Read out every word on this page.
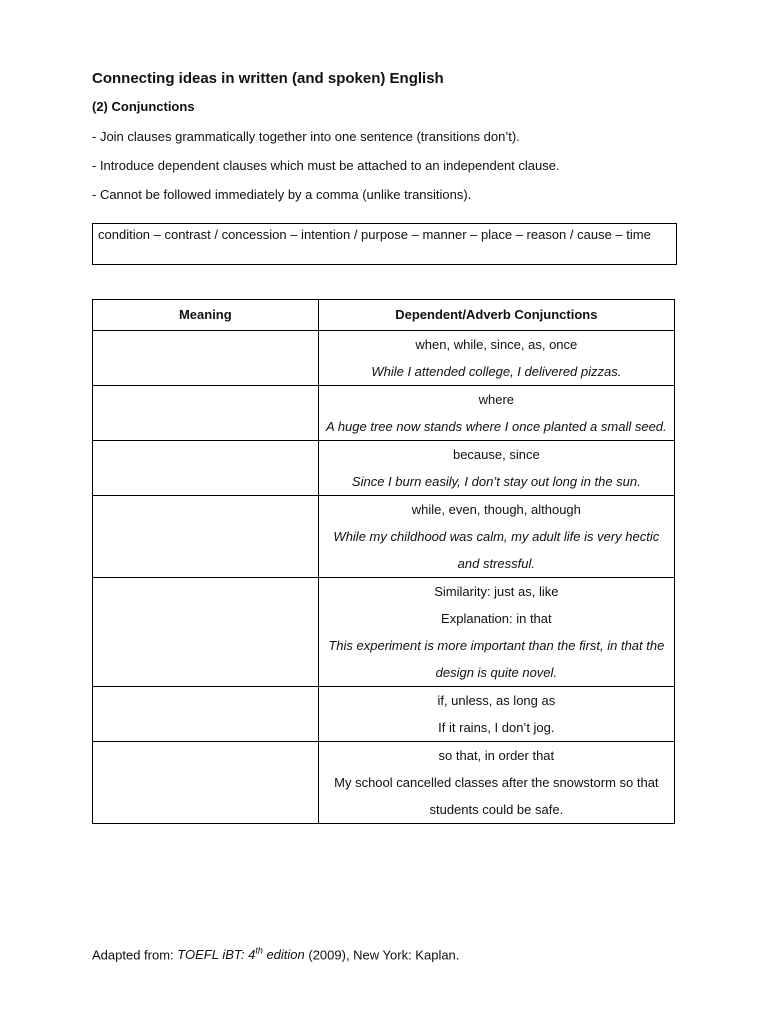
Connecting ideas in written (and spoken) English

(2) Conjunctions

- Join clauses grammatically together into one sentence (transitions don’t).

- Introduce dependent clauses which must be attached to an independent clause.

- Cannot be followed immediately by a comma (unlike transitions).

condition – contrast / concession – intention / purpose – manner – place – reason / cause – time
Meaning	Dependent/Adverb Conjunctions

	when, while, since, as, once
While I attended college, I delivered pizzas.

	where
A huge tree now stands where I once planted a small seed.

	because, since
Since I burn easily, I don’t stay out long in the sun.

	while, even, though, although
While my childhood was calm, my adult life is very hectic and stressful.

	Similarity: just as, like
Explanation: in that
This experiment is more important than the first, in that the design is quite novel.

	if, unless, as long as
If it rains, I don’t jog.

	so that, in order that
My school cancelled classes after the snowstorm so that students could be safe.

Adapted from: TOEFL iBT: 4th edition (2009), New York: Kaplan.
